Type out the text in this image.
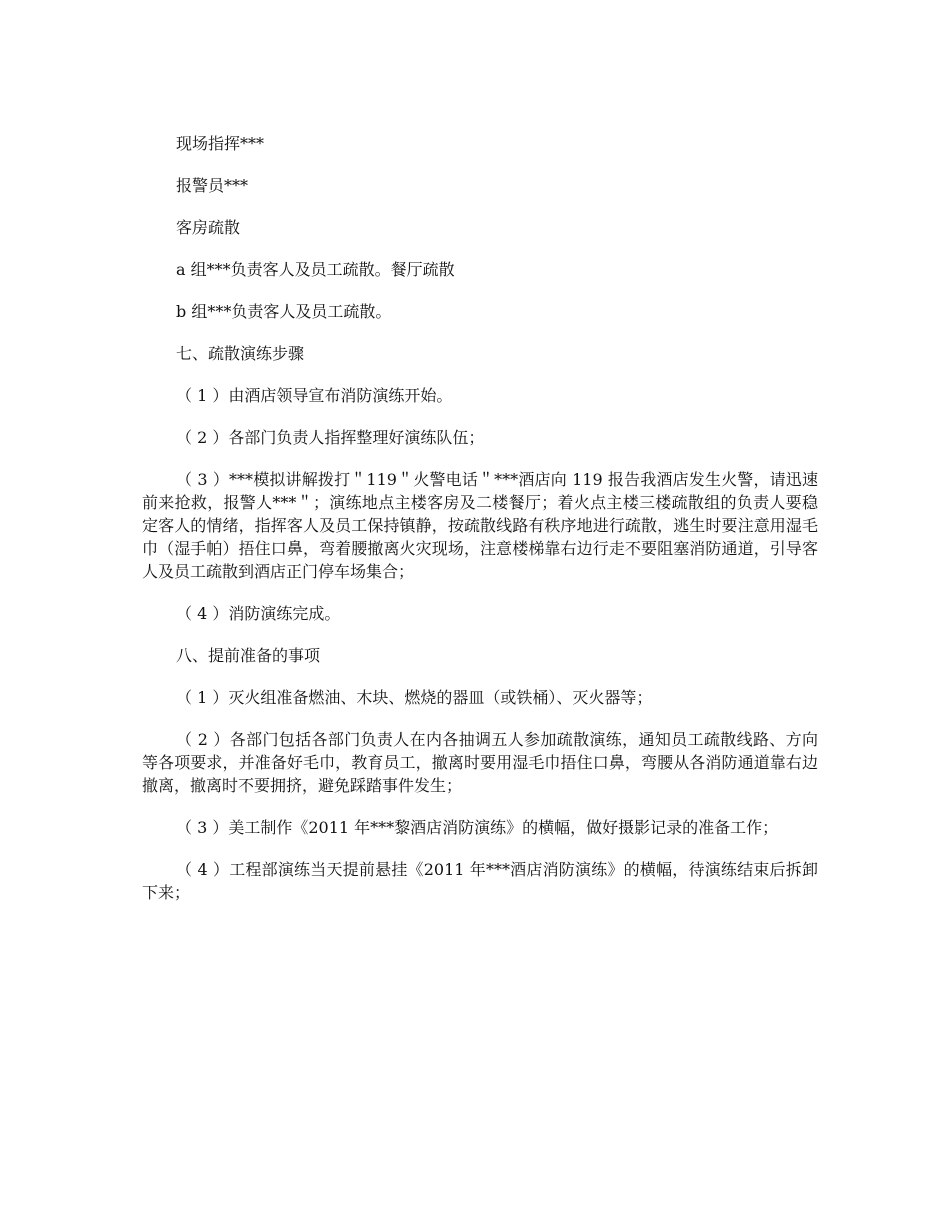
现场指挥***

报警员***

客房疏散

a 组***负责客人及员工疏散。餐厅疏散

b 组***负责客人及员工疏散。

七、疏散演练步骤

（ 1 ）由酒店领导宣布消防演练开始。

（ 2 ）各部门负责人指挥整理好演练队伍；

（ 3 ）***模拟讲解拨打＂119＂火警电话＂***酒店向 119 报告我酒店发生火警，请迅速前来抢救，报警人***＂；演练地点主楼客房及二楼餐厅；着火点主楼三楼疏散组的负责人要稳定客人的情绪，指挥客人及员工保持镇静，按疏散线路有秩序地进行疏散，逃生时要注意用湿毛巾（湿手帕）捂住口鼻，弯着腰撤离火灾现场，注意楼梯靠右边行走不要阻塞消防通道，引导客人及员工疏散到酒店正门停车场集合；

（ 4 ）消防演练完成。

八、提前准备的事项

（ 1 ）灭火组准备燃油、木块、燃烧的器皿（或铁桶）、灭火器等；

（ 2 ）各部门包括各部门负责人在内各抽调五人参加疏散演练，通知员工疏散线路、方向等各项要求，并准备好毛巾，教育员工，撤离时要用湿毛巾捂住口鼻，弯腰从各消防通道靠右边撤离，撤离时不要拥挤，避免踩踏事件发生；

（ 3 ）美工制作《2011 年***黎酒店消防演练》的横幅，做好摄影记录的准备工作；

（ 4 ）工程部演练当天提前悬挂《2011 年***酒店消防演练》的横幅，待演练结束后拆卸下来；
